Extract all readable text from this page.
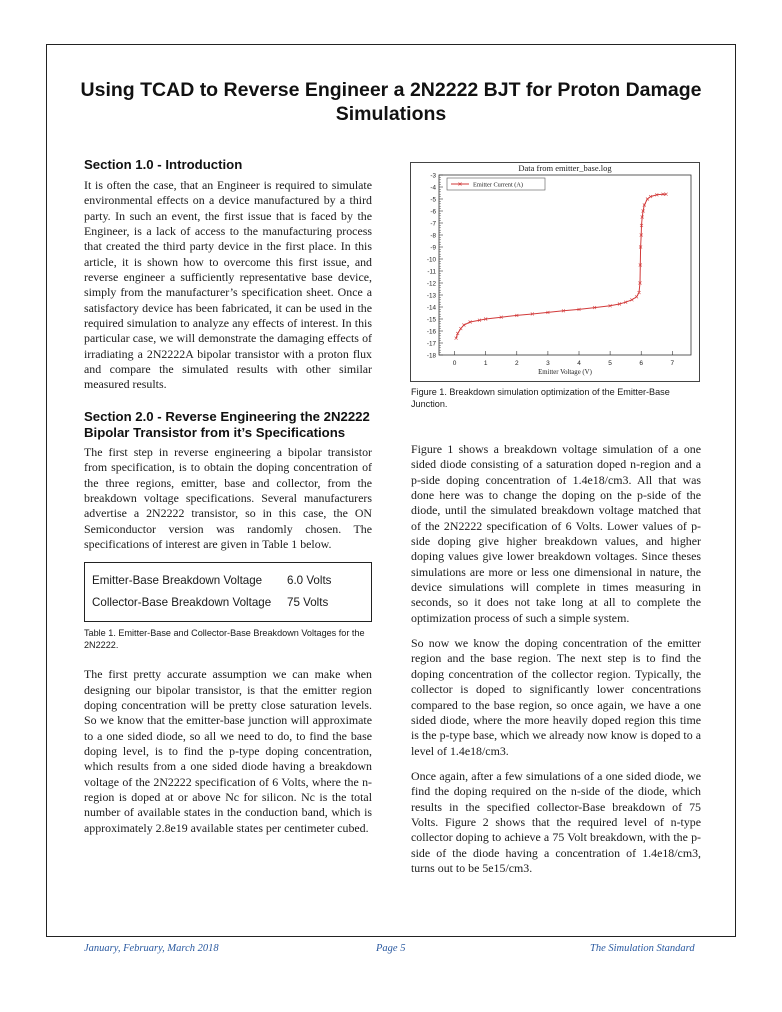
Using TCAD to Reverse Engineer a 2N2222 BJT for Proton Damage Simulations
Section 1.0 - Introduction

It is often the case, that an Engineer is required to simulate environmental effects on a device manufactured by a third party. In such an event, the first issue that is faced by the Engineer, is a lack of access to the manufacturing process that created the third party device in the first place. In this article, it is shown how to overcome this first issue, and reverse engineer a sufficiently representative base device, simply from the manufacturer’s specification sheet. Once a satisfactory device has been fabricated, it can be used in the required simulation to analyze any effects of interest. In this particular case, we will demonstrate the damaging effects of irradiating a 2N2222A bipolar transistor with a proton flux and compare the simulated results with other similar measured results.

Section 2.0 - Reverse Engineering the 2N2222 Bipolar Transistor from it’s Specifications

The first step in reverse engineering a bipolar transistor from specification, is to obtain the doping concentration of the three regions, emitter, base and collector, from the breakdown voltage specifications. Several manufacturers advertise a 2N2222 transistor, so in this case, the ON Semiconductor version was randomly chosen. The specifications of interest are given in Table 1 below.

Emitter-Base Breakdown Voltage	6.0 Volts
Collector-Base Breakdown Voltage	75 Volts
Table 1. Emitter-Base and Collector-Base Breakdown Voltages for the 2N2222.

The first pretty accurate assumption we can make when designing our bipolar transistor, is that the emitter region doping concentration will be pretty close saturation levels. So we know that the emitter-base junction will approximate to a one sided diode, so all we need to do, to find the base doping level, is to find the p-type doping concentration, which results from a one sided diode having a breakdown voltage of the 2N2222 specification of 6 Volts, where the n-region is doped at or above Nc for silicon. Nc is the total number of available states in the conduction band, which is approximately 2.8e19 available states per centimeter cubed.

Data from emitter_base.log
-3
-4
-5
-6
-7
-8
-9
-10
-11
-12
-13
-14
-15
-16
-17
-18
0	1	2	3	4	5	6	7
Emitter Voltage (V)
Emitter Current (A)
Figure 1. Breakdown simulation optimization of the Emitter-Base Junction.

Figure 1 shows a breakdown voltage simulation of a one sided diode consisting of a saturation doped n-region and a p-side doping concentration of 1.4e18/cm3. All that was done here was to change the doping on the p-side of the diode, until the simulated breakdown voltage matched that of the 2N2222 specification of 6 Volts. Lower values of p-side doping give higher breakdown values, and higher doping values give lower breakdown voltages. Since theses simulations are more or less one dimensional in nature, the device simulations will complete in times measuring in seconds, so it does not take long at all to complete the optimization process of such a simple system.

So now we know the doping concentration of the emitter region and the base region. The next step is to find the doping concentration of the collector region. Typically, the collector is doped to significantly lower concentrations compared to the base region, so once again, we have a one sided diode, where the more heavily doped region this time is the p-type base, which we already now know is doped to a level of 1.4e18/cm3.

Once again, after a few simulations of a one sided diode, we find the doping required on the n-side of the diode, which results in the specified collector-Base breakdown of 75 Volts. Figure 2 shows that the required level of n-type collector doping to achieve a 75 Volt breakdown, with the p-side of the diode having a concentration of 1.4e18/cm3, turns out to be 5e15/cm3.

January, February, March 2018	Page 5	The Simulation Standard
